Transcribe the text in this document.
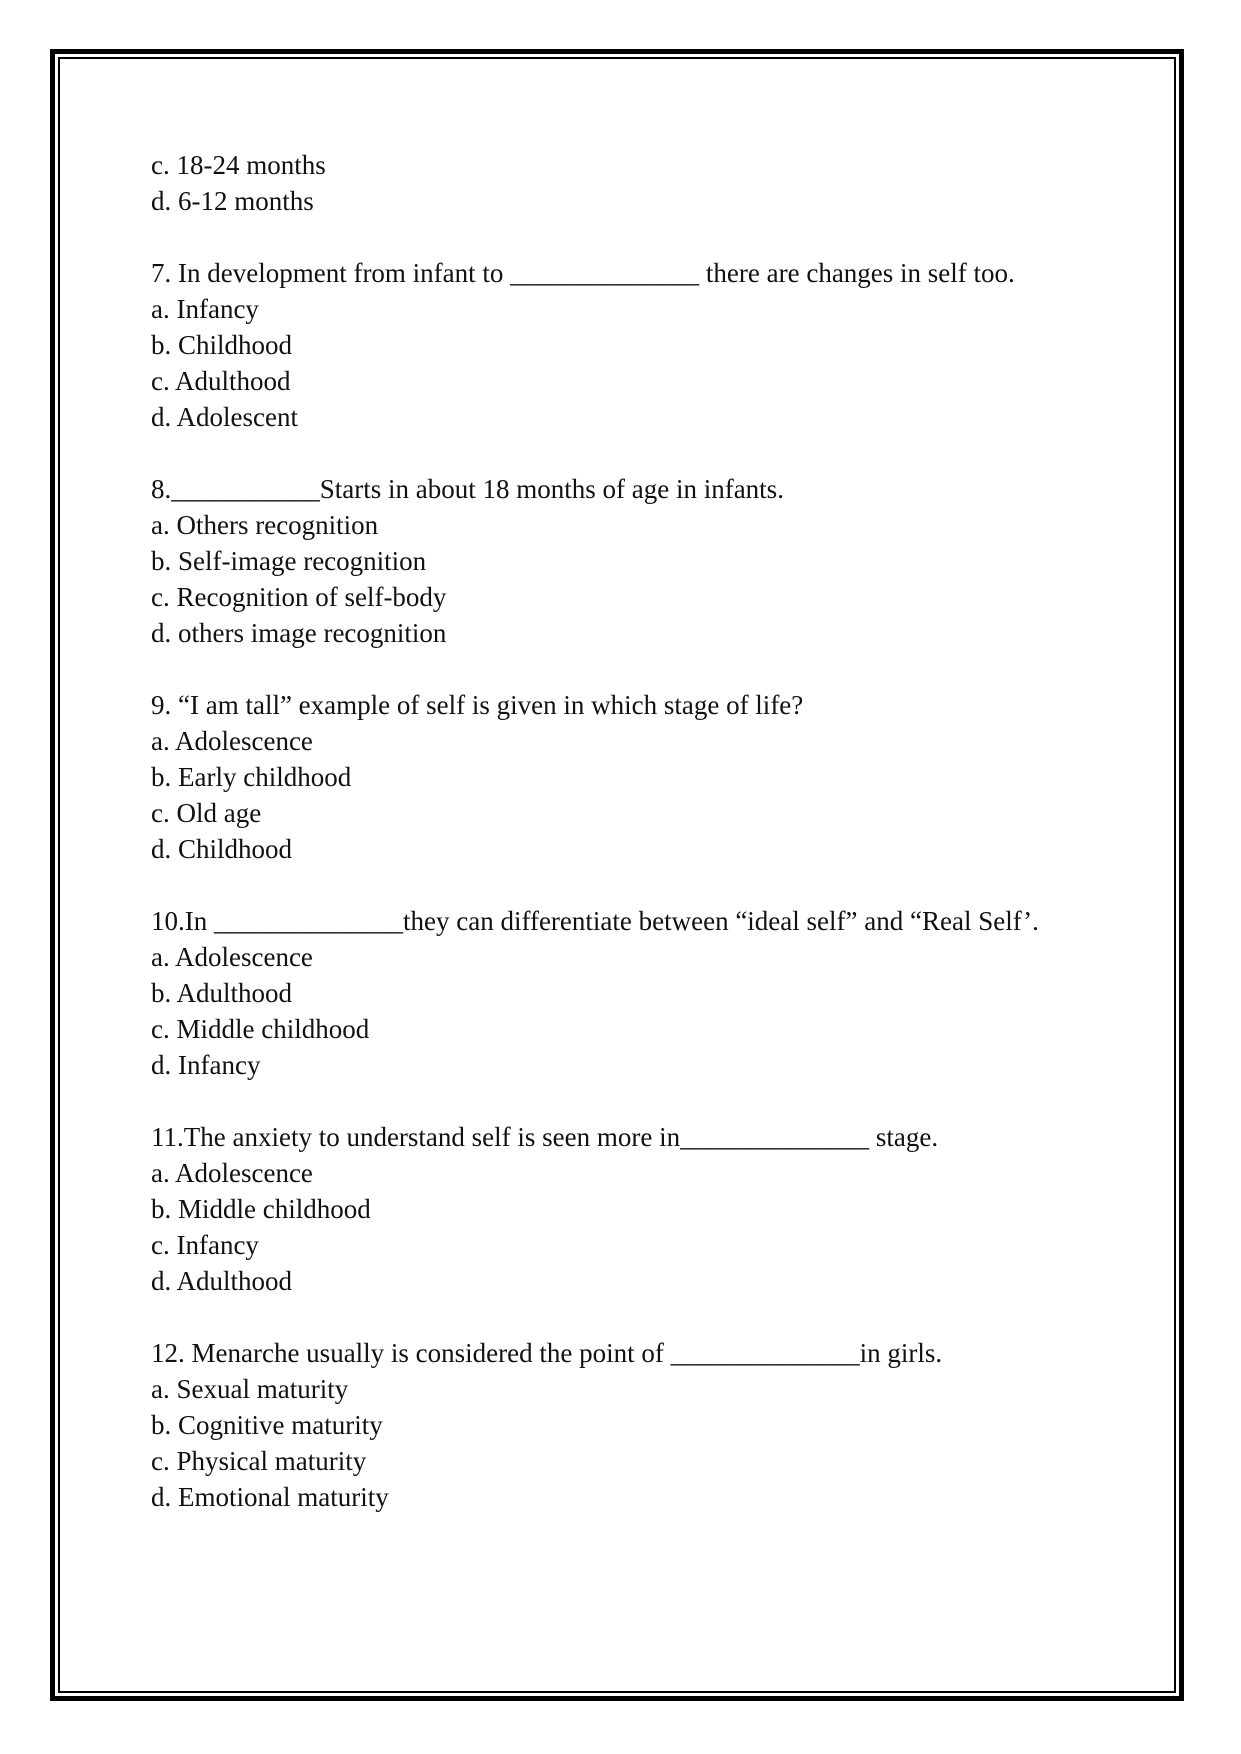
c. 18-24 months
d. 6-12 months
7. In development from infant to ______________ there are changes in self too.
a. Infancy
b. Childhood
c. Adulthood
d. Adolescent
8.___________Starts in about 18 months of age in infants.
a. Others recognition
b. Self-image recognition
c. Recognition of self-body
d. others image recognition
9. “I am tall” example of self is given in which stage of life?
a. Adolescence
b. Early childhood
c. Old age
d. Childhood
10.In ______________they can differentiate between “ideal self” and “Real Self’.
a. Adolescence
b. Adulthood
c. Middle childhood
d. Infancy
11.The anxiety to understand self is seen more in______________ stage.
a. Adolescence
b. Middle childhood
c. Infancy
d. Adulthood
12. Menarche usually is considered the point of ______________in girls.
a. Sexual maturity
b. Cognitive maturity
c. Physical maturity
d. Emotional maturity
